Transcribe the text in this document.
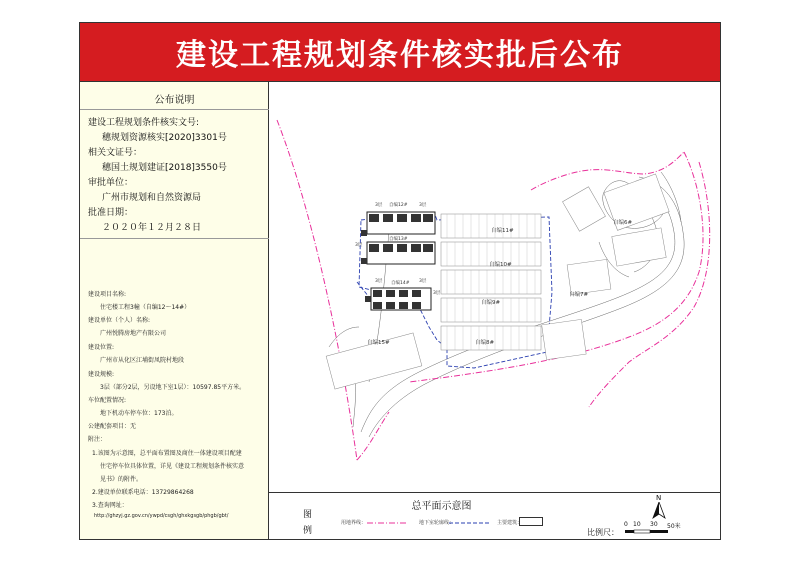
建设工程规划条件核实批后公布
公布说明
建设工程规划条件核实文号:
穗规划资源核实[2020]3301号
相关文证号：
穗国土规划建证[2018]3550号
审批单位：
广州市规划和自然资源局
批准日期：
２０２０年１２月２８日
建设项目名称:
住宅楼工程3幢（自编12～14#）
建设单位（个人）名称:
广州悦腾房地产有限公司
建设位置:
广州市从化区江埔街凤院村地段
建设规模:
3层（部分2层，另设地下室1层）：10597.85平方米。
车位配置情况:
地下机动车停车位：173泊。
公建配套项目：无
附注：
1.该图为示意图，总平面布置图及商住一体建设项目配建
住宅停车位具体位置，详见《建设工程规划条件核实意
见书》的附件。
2.建设单位联系电话：13729864268
3.查询网址：
http://ghzyj.gz.gov.cn/ywpd/csgh/ghxkgsgb/phgb/gbt/
自编12#
自编13#
自编14#
自编15#
自编11#
自编10#
自编9#
自编8#
自编7#
自编6#
3层	3层
3层
3层	3层
3层
总平面示意图
图
例
用地界线：	地下室轮廓线：	主要建筑：
N
0 10 30 50米
比例尺：
